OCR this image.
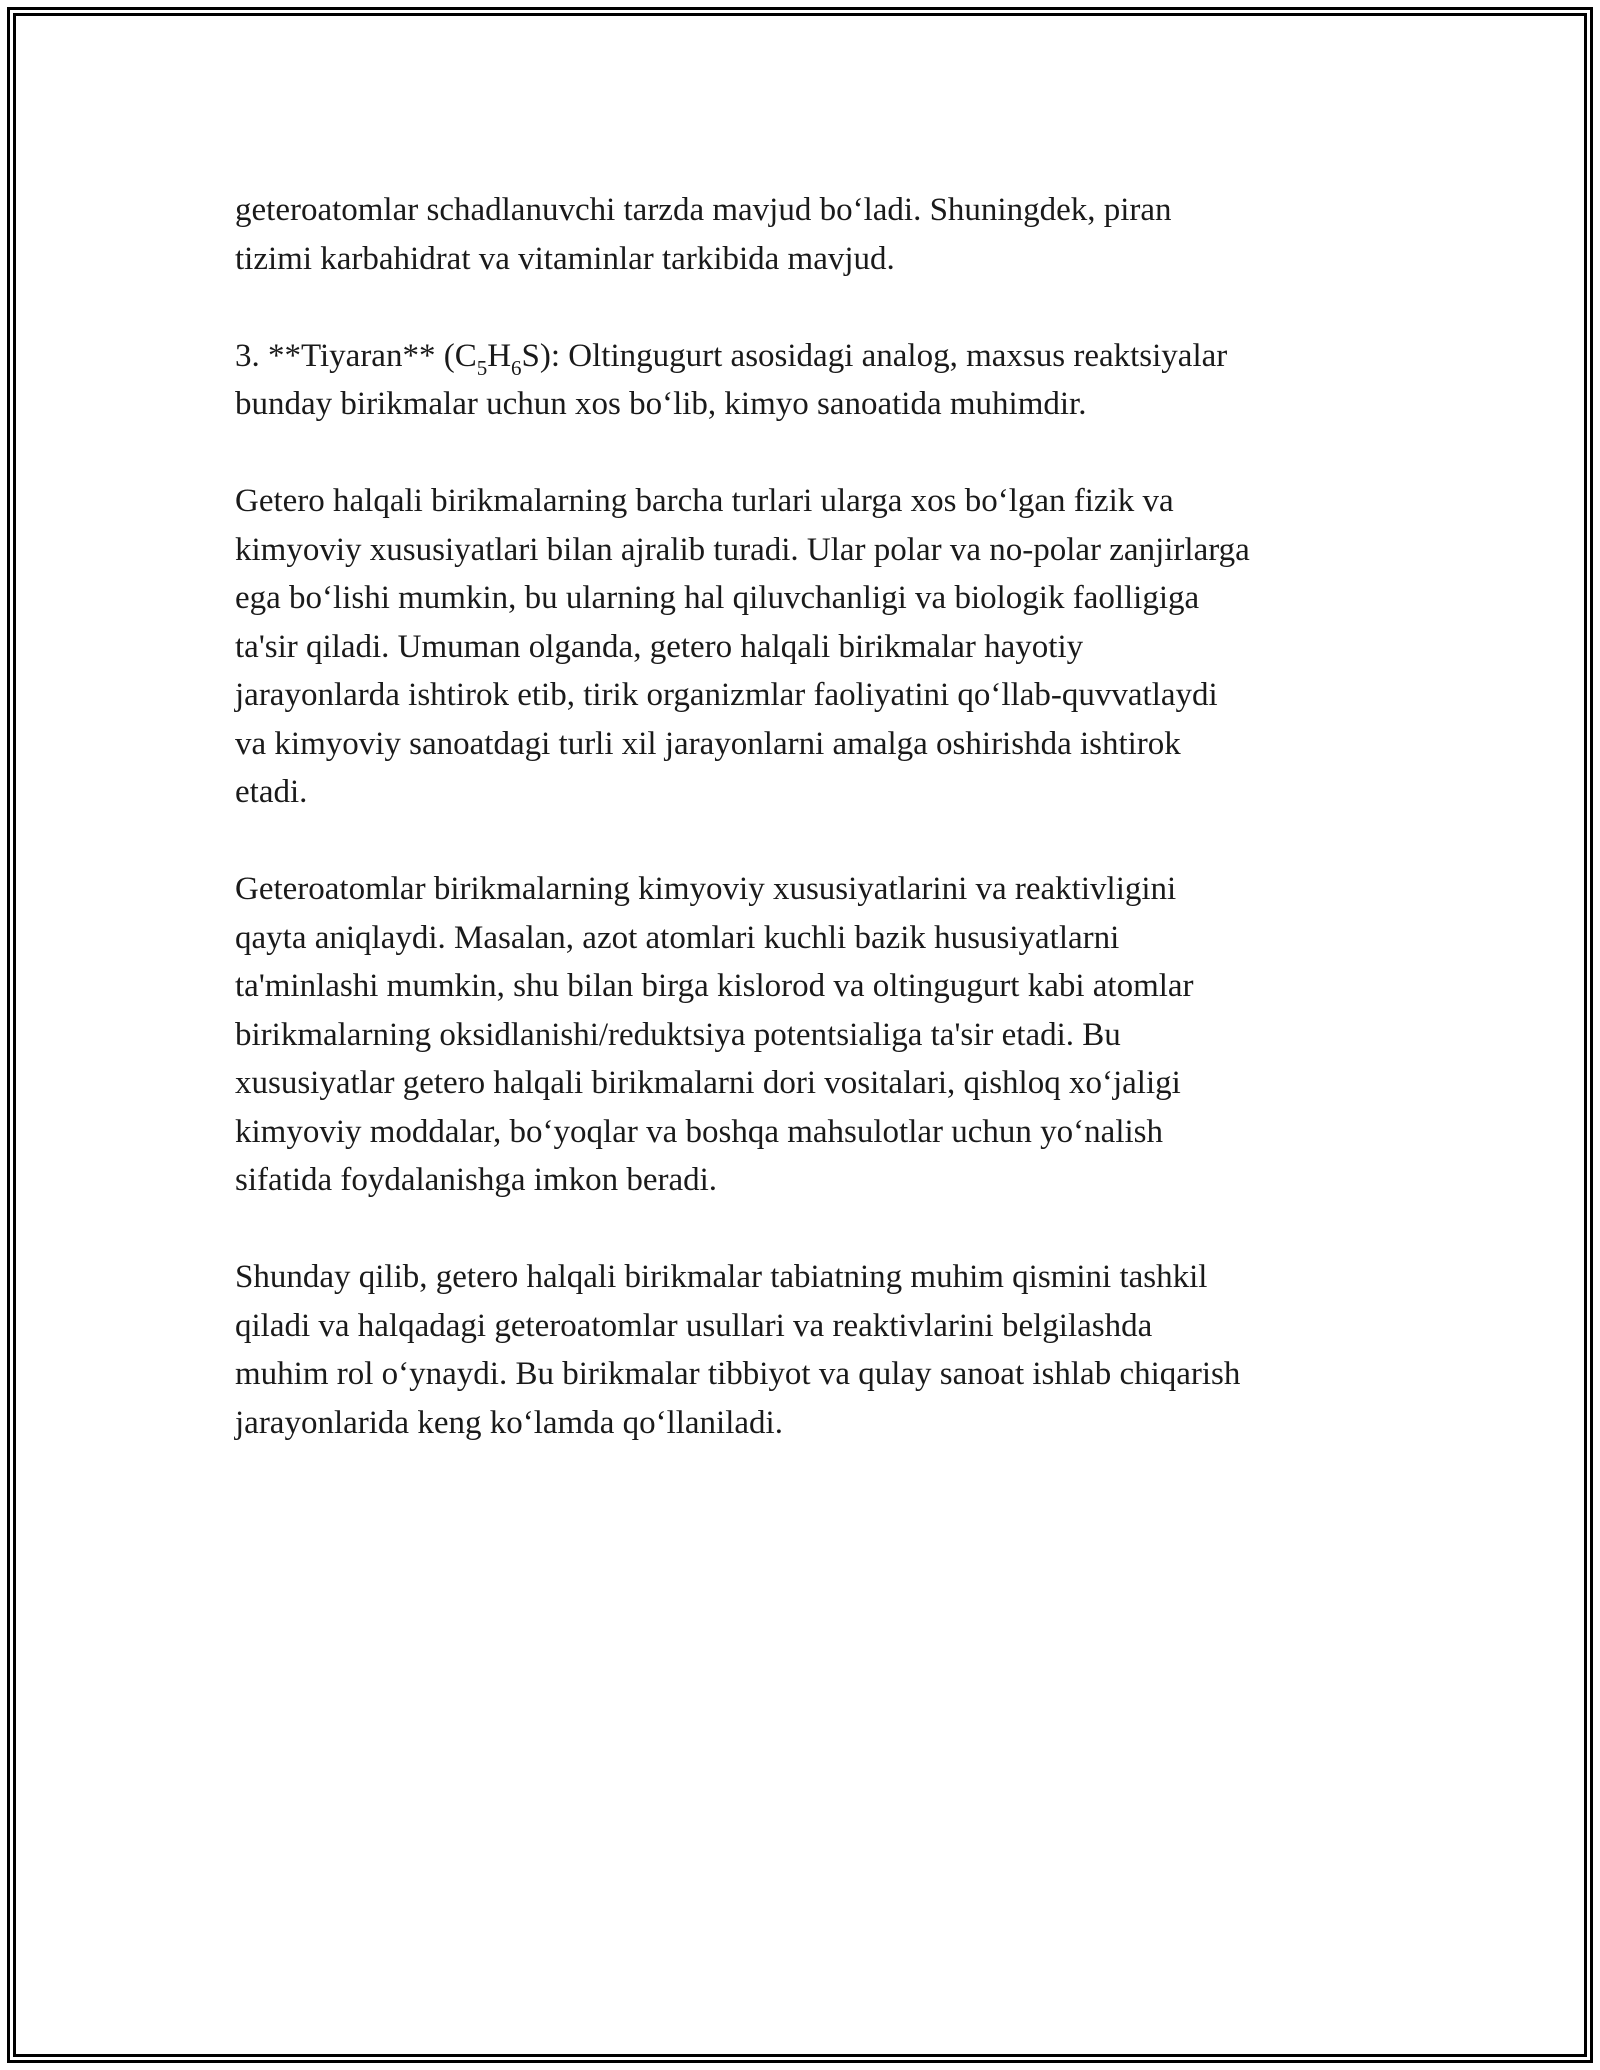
geteroatomlar schadlanuvchi tarzda mavjud bo‘ladi. Shuningdek, piran
tizimi karbahidrat va vitaminlar tarkibida mavjud.

3. **Tiyaran** $(C_5H_6S)$: Oltingugurt asosidagi analog, maxsus reaktsiyalar
bunday birikmalar uchun xos bo‘lib, kimyo sanoatida muhimdir.

Getero halqali birikmalarning barcha turlari ularga xos bo‘lgan fizik va
kimyoviy xususiyatlari bilan ajralib turadi. Ular polar va no-polar zanjirlarga
ega bo‘lishi mumkin, bu ularning hal qiluvchanligi va biologik faolligiga
ta'sir qiladi. Umuman olganda, getero halqali birikmalar hayotiy
jarayonlarda ishtirok etib, tirik organizmlar faoliyatini qo‘llab-quvvatlaydi
va kimyoviy sanoatdagi turli xil jarayonlarni amalga oshirishda ishtirok
etadi.

Geteroatomlar birikmalarning kimyoviy xususiyatlarini va reaktivligini
qayta aniqlaydi. Masalan, azot atomlari kuchli bazik hususiyatlarni
ta'minlashi mumkin, shu bilan birga kislorod va oltingugurt kabi atomlar
birikmalarning oksidlanishi/reduktsiya potentsialiga ta'sir etadi. Bu
xususiyatlar getero halqali birikmalarni dori vositalari, qishloq xo‘jaligi
kimyoviy moddalar, bo‘yoqlar va boshqa mahsulotlar uchun yo‘nalish
sifatida foydalanishga imkon beradi.

Shunday qilib, getero halqali birikmalar tabiatning muhim qismini tashkil
qiladi va halqadagi geteroatomlar usullari va reaktivlarini belgilashda
muhim rol o‘ynaydi. Bu birikmalar tibbiyot va qulay sanoat ishlab chiqarish
jarayonlarida keng ko‘lamda qo‘llaniladi.
